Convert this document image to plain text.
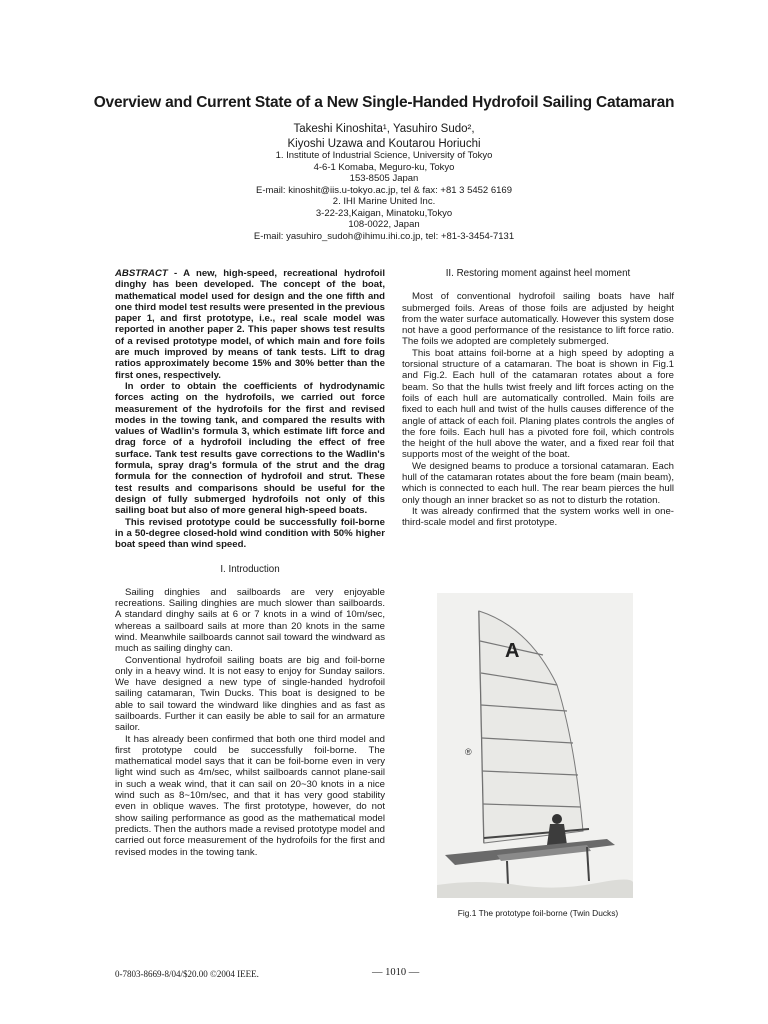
Overview and Current State of a New Single-Handed Hydrofoil Sailing Catamaran
Takeshi Kinoshita¹, Yasuhiro Sudo²,
Kiyoshi Uzawa and Koutarou Horiuchi
1. Institute of Industrial Science, University of Tokyo
4-6-1 Komaba, Meguro-ku, Tokyo
153-8505 Japan
E-mail: kinoshit@iis.u-tokyo.ac.jp, tel & fax: +81 3 5452 6169
2. IHI Marine United Inc.
3-22-23,Kaigan, Minatoku,Tokyo
108-0022, Japan
E-mail: yasuhiro_sudoh@ihimu.ihi.co.jp, tel: +81-3-3454-7131

ABSTRACT - A new, high-speed, recreational hydrofoil dinghy has been developed. The concept of the boat, mathematical model used for design and the one fifth and one third model test results were presented in the previous paper 1, and first prototype, i.e., real scale model was reported in another paper 2. This paper shows test results of a revised prototype model, of which main and fore foils are much improved by means of tank tests. Lift to drag ratios approximately become 15% and 30% better than the first ones, respectively.

In order to obtain the coefficients of hydrodynamic forces acting on the hydrofoils, we carried out force measurement of the hydrofoils for the first and revised modes in the towing tank, and compared the results with values of Wadlin's formula 3, which estimate lift force and drag force of a hydrofoil including the effect of free surface. Tank test results gave corrections to the Wadlin's formula, spray drag's formula of the strut and the drag formula for the connection of hydrofoil and strut. These test results and comparisons should be useful for the design of fully submerged hydrofoils not only of this sailing boat but also of more general high-speed boats.

This revised prototype could be successfully foil-borne in a 50-degree closed-hold wind condition with 50% higher boat speed than wind speed.

I. Introduction

Sailing dinghies and sailboards are very enjoyable recreations. Sailing dinghies are much slower than sailboards. A standard dinghy sails at 6 or 7 knots in a wind of 10m/sec, whereas a sailboard sails at more than 20 knots in the same wind. Meanwhile sailboards cannot sail toward the windward as much as sailing dinghy can.

Conventional hydrofoil sailing boats are big and foil-borne only in a heavy wind. It is not easy to enjoy for Sunday sailors. We have designed a new type of single-handed hydrofoil sailing catamaran, Twin Ducks. This boat is designed to be able to sail toward the windward like dinghies and as fast as sailboards. Further it can easily be able to sail for an armature sailor.

It has already been confirmed that both one third model and first prototype could be successfully foil-borne. The mathematical model says that it can be foil-borne even in very light wind such as 4m/sec, whilst sailboards cannot plane-sail in such a weak wind, that it can sail on 20~30 knots in a nice wind such as 8~10m/sec, and that it has very good stability even in oblique waves. The first prototype, however, do not show sailing performance as good as the mathematical model predicts. Then the authors made a revised prototype model and carried out force measurement of the hydrofoils for the first and revised modes in the towing tank.

II. Restoring moment against heel moment

Most of conventional hydrofoil sailing boats have half submerged foils. Areas of those foils are adjusted by height from the water surface automatically. However this system dose not have a good performance of the resistance to lift force ratio. The foils we adopted are completely submerged.

This boat attains foil-borne at a high speed by adopting a torsional structure of a catamaran. The boat is shown in Fig.1 and Fig.2. Each hull of the catamaran rotates about a fore beam. So that the hulls twist freely and lift forces acting on the foils of each hull are automatically controlled. Main foils are fixed to each hull and twist of the hulls causes difference of the angle of attack of each foil. Planing plates controls the angles of the fore foils. Each hull has a pivoted fore foil, which controls the height of the hull above the water, and a fixed rear foil that supports most of the weight of the boat.

We designed beams to produce a torsional catamaran. Each hull of the catamaran rotates about the fore beam (main beam), which is connected to each hull. The rear beam pierces the hull only though an inner bracket so as not to disturb the rotation.

It was already confirmed that the system works well in one-third-scale model and first prototype.

A
®
Fig.1 The prototype foil-borne (Twin Ducks)
0-7803-8669-8/04/$20.00 ©2004 IEEE.	— 1010 —
